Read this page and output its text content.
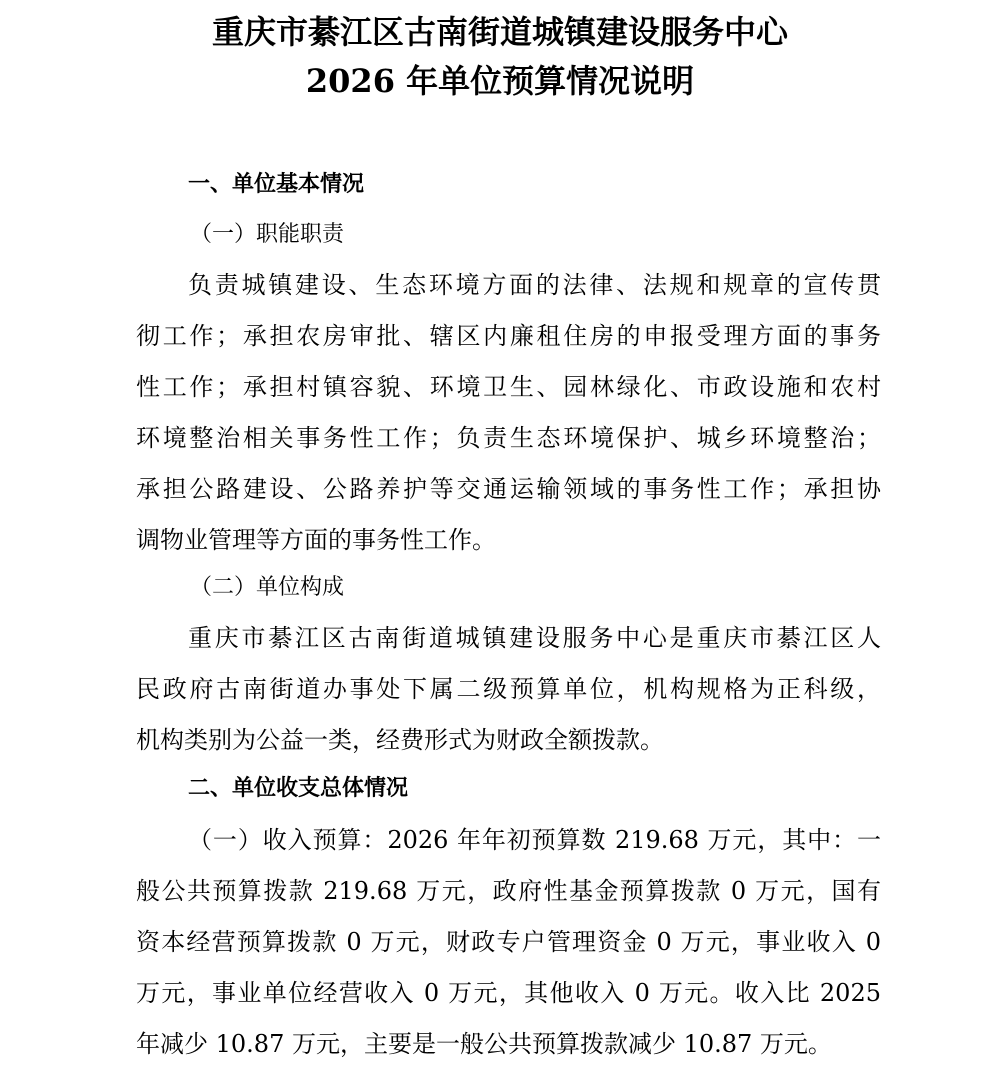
重庆市綦江区古南街道城镇建设服务中心
2026 年单位预算情况说明
一、单位基本情况
（一）职能职责
负责城镇建设、生态环境方面的法律、法规和规章的宣传贯
彻工作；承担农房审批、辖区内廉租住房的申报受理方面的事务
性工作；承担村镇容貌、环境卫生、园林绿化、市政设施和农村
环境整治相关事务性工作；负责生态环境保护、城乡环境整治；
承担公路建设、公路养护等交通运输领域的事务性工作；承担协
调物业管理等方面的事务性工作。
（二）单位构成
重庆市綦江区古南街道城镇建设服务中心是重庆市綦江区人
民政府古南街道办事处下属二级预算单位，机构规格为正科级，
机构类别为公益一类，经费形式为财政全额拨款。
二、单位收支总体情况
（一）收入预算：2026 年年初预算数 219.68 万元，其中：一
般公共预算拨款 219.68 万元，政府性基金预算拨款 0 万元，国有
资本经营预算拨款 0 万元，财政专户管理资金 0 万元，事业收入 0
万元，事业单位经营收入 0 万元，其他收入 0 万元。收入比 2025
年减少 10.87 万元，主要是一般公共预算拨款减少 10.87 万元。
